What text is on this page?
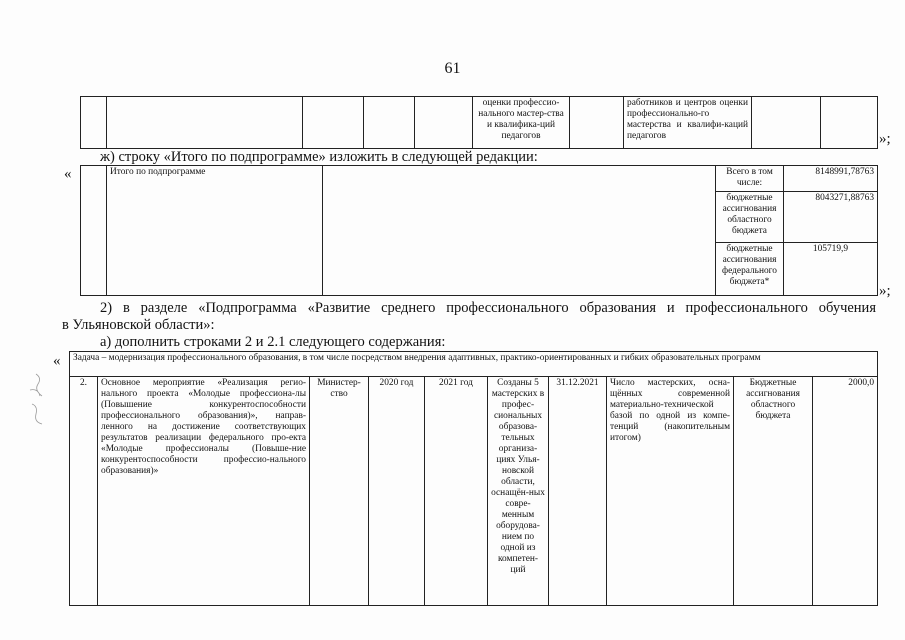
61
					оценки профессио-нального мастер-ства и квалифика-ций педагогов		работников и центров оценки профессионально-го мастерства и квалифи-каций педагогов			»;
ж) строку «Итого по подпрограмме» изложить в следующей редакции:
«
		Итого по подпрограмме		Всего в том числе:	8148991,78763
			бюджетные ассигнования областного бюджета	8043271,88763
			бюджетные ассигнования федерального бюджета*	105719,9
»;
2) в разделе «Подпрограмма «Развитие среднего профессионального образования и профессионального обучения
в Ульяновской области»:
а) дополнить строками 2 и 2.1 следующего содержания:
« Задача – модернизация профессионального образования, в том числе посредством внедрения адаптивных, практико-ориентированных и гибких образовательных программ
2.	Основное мероприятие «Реализация регио-нального проекта «Молодые профессиона-лы (Повышение конкурентоспособности профессионального образования)», направ-ленного на достижение соответствующих результатов реализации федерального про-екта «Молодые профессионалы (Повыше-ние конкурентоспособности профессио-нального образования)»	Министер-ство	2020 год	2021 год	Созданы 5 мастерских в профес-сиональных образова-тельных организа-циях Улья-новской области, оснащён-ных совре-менным оборудова-нием по одной из компетен-ций	31.12.2021	Число мастерских, осна-щённых современной материально-технической базой по одной из компе-тенций (накопительным итогом)	Бюджетные ассигнования областного бюджета	2000,0
